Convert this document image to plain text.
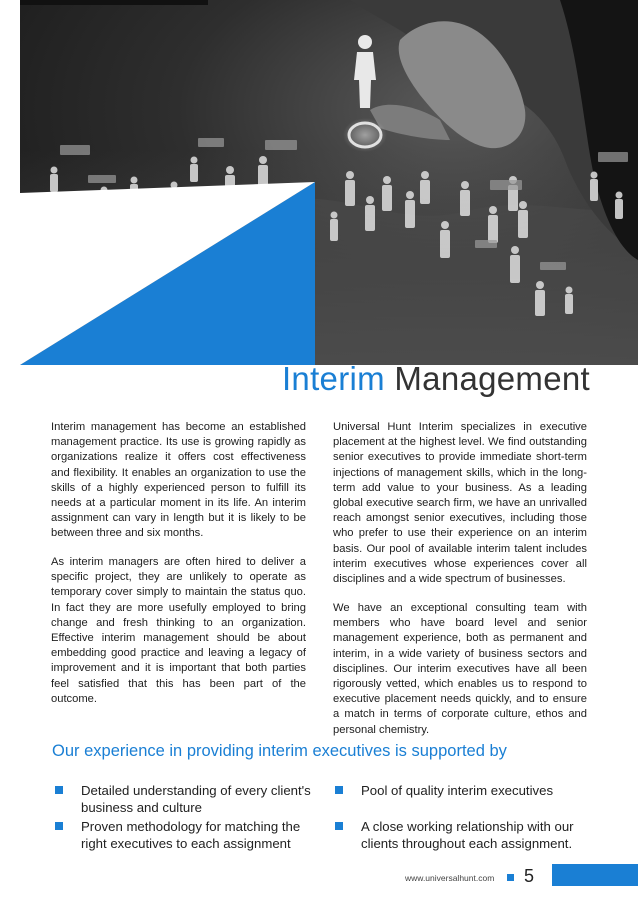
Interim Management

Interim management has become an established management practice. Its use is growing rapidly as organizations realize it offers cost effectiveness and flexibility. It enables an organization to use the skills of a highly experienced person to fulfill its needs at a particular moment in its life. An interim assignment can vary in length but it is likely to be between three and six months.

As interim managers are often hired to deliver a specific project, they are unlikely to operate as temporary cover simply to maintain the status quo. In fact they are more usefully employed to bring change and fresh thinking to an organization. Effective interim management should be about embedding good practice and leaving a legacy of improvement and it is important that both parties feel satisfied that this has been part of the outcome.

Universal Hunt Interim specializes in executive placement at the highest level. We find outstanding senior executives to provide immediate short-term injections of management skills, which in the long-term add value to your business. As a leading global executive search firm, we have an unrivalled reach amongst senior executives, including those who prefer to use their experience on an interim basis. Our pool of available interim talent includes interim executives whose experiences cover all disciplines and a wide spectrum of businesses.

We have an exceptional consulting team with members who have board level and senior management experience, both as permanent and interim, in a wide variety of business sectors and disciplines. Our interim executives have all been rigorously vetted, which enables us to respond to executive placement needs quickly, and to ensure a match in terms of corporate culture, ethos and personal chemistry.

Our experience in providing interim executives is supported by
Detailed understanding of every client's business and culture
Pool of quality interim executives
Proven methodology for matching the right executives to each assignment
A close working relationship with our clients throughout each assignment.
www.universalhunt.com 5
